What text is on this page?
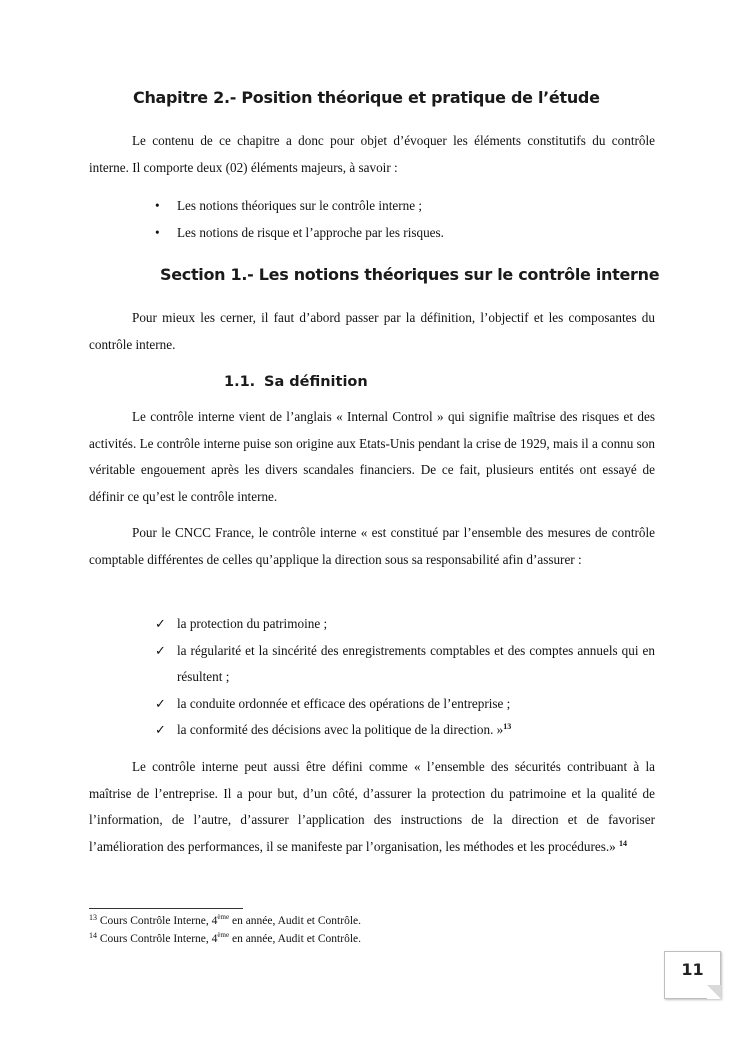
Chapitre 2.- Position théorique et pratique de l’étude

Le contenu de ce chapitre a donc pour objet d’évoquer les éléments constitutifs du contrôle interne. Il comporte deux (02) éléments majeurs, à savoir :

• Les notions théoriques sur le contrôle interne ;
• Les notions de risque et l’approche par les risques.
Section 1.- Les notions théoriques sur le contrôle interne

Pour mieux les cerner, il faut d’abord passer par la définition, l’objectif et les composantes du contrôle interne.

1.1. Sa définition

Le contrôle interne vient de l’anglais « Internal Control » qui signifie maîtrise des risques et des activités. Le contrôle interne puise son origine aux Etats-Unis pendant la crise de 1929, mais il a connu son véritable engouement après les divers scandales financiers. De ce fait, plusieurs entités ont essayé de définir ce qu’est le contrôle interne.

Pour le CNCC France, le contrôle interne « est constitué par l’ensemble des mesures de contrôle comptable différentes de celles qu’applique la direction sous sa responsabilité afin d’assurer :

✓ la protection du patrimoine ;
✓ la régularité et la sincérité des enregistrements comptables et des comptes annuels qui en résultent ;
✓ la conduite ordonnée et efficace des opérations de l’entreprise ;
✓ la conformité des décisions avec la politique de la direction. »$^{13}$

Le contrôle interne peut aussi être défini comme « l’ensemble des sécurités contribuant à la maîtrise de l’entreprise. Il a pour but, d’un côté, d’assurer la protection du patrimoine et la qualité de l’information, de l’autre, d’assurer l’application des instructions de la direction et de favoriser l’amélioration des performances, il se manifeste par l’organisation, les méthodes et les procédures.» $^{14}$

$^{13}$ Cours Contrôle Interne, 4ème en année, Audit et Contrôle.

$^{14}$ Cours Contrôle Interne, 4ème en année, Audit et Contrôle.

11
